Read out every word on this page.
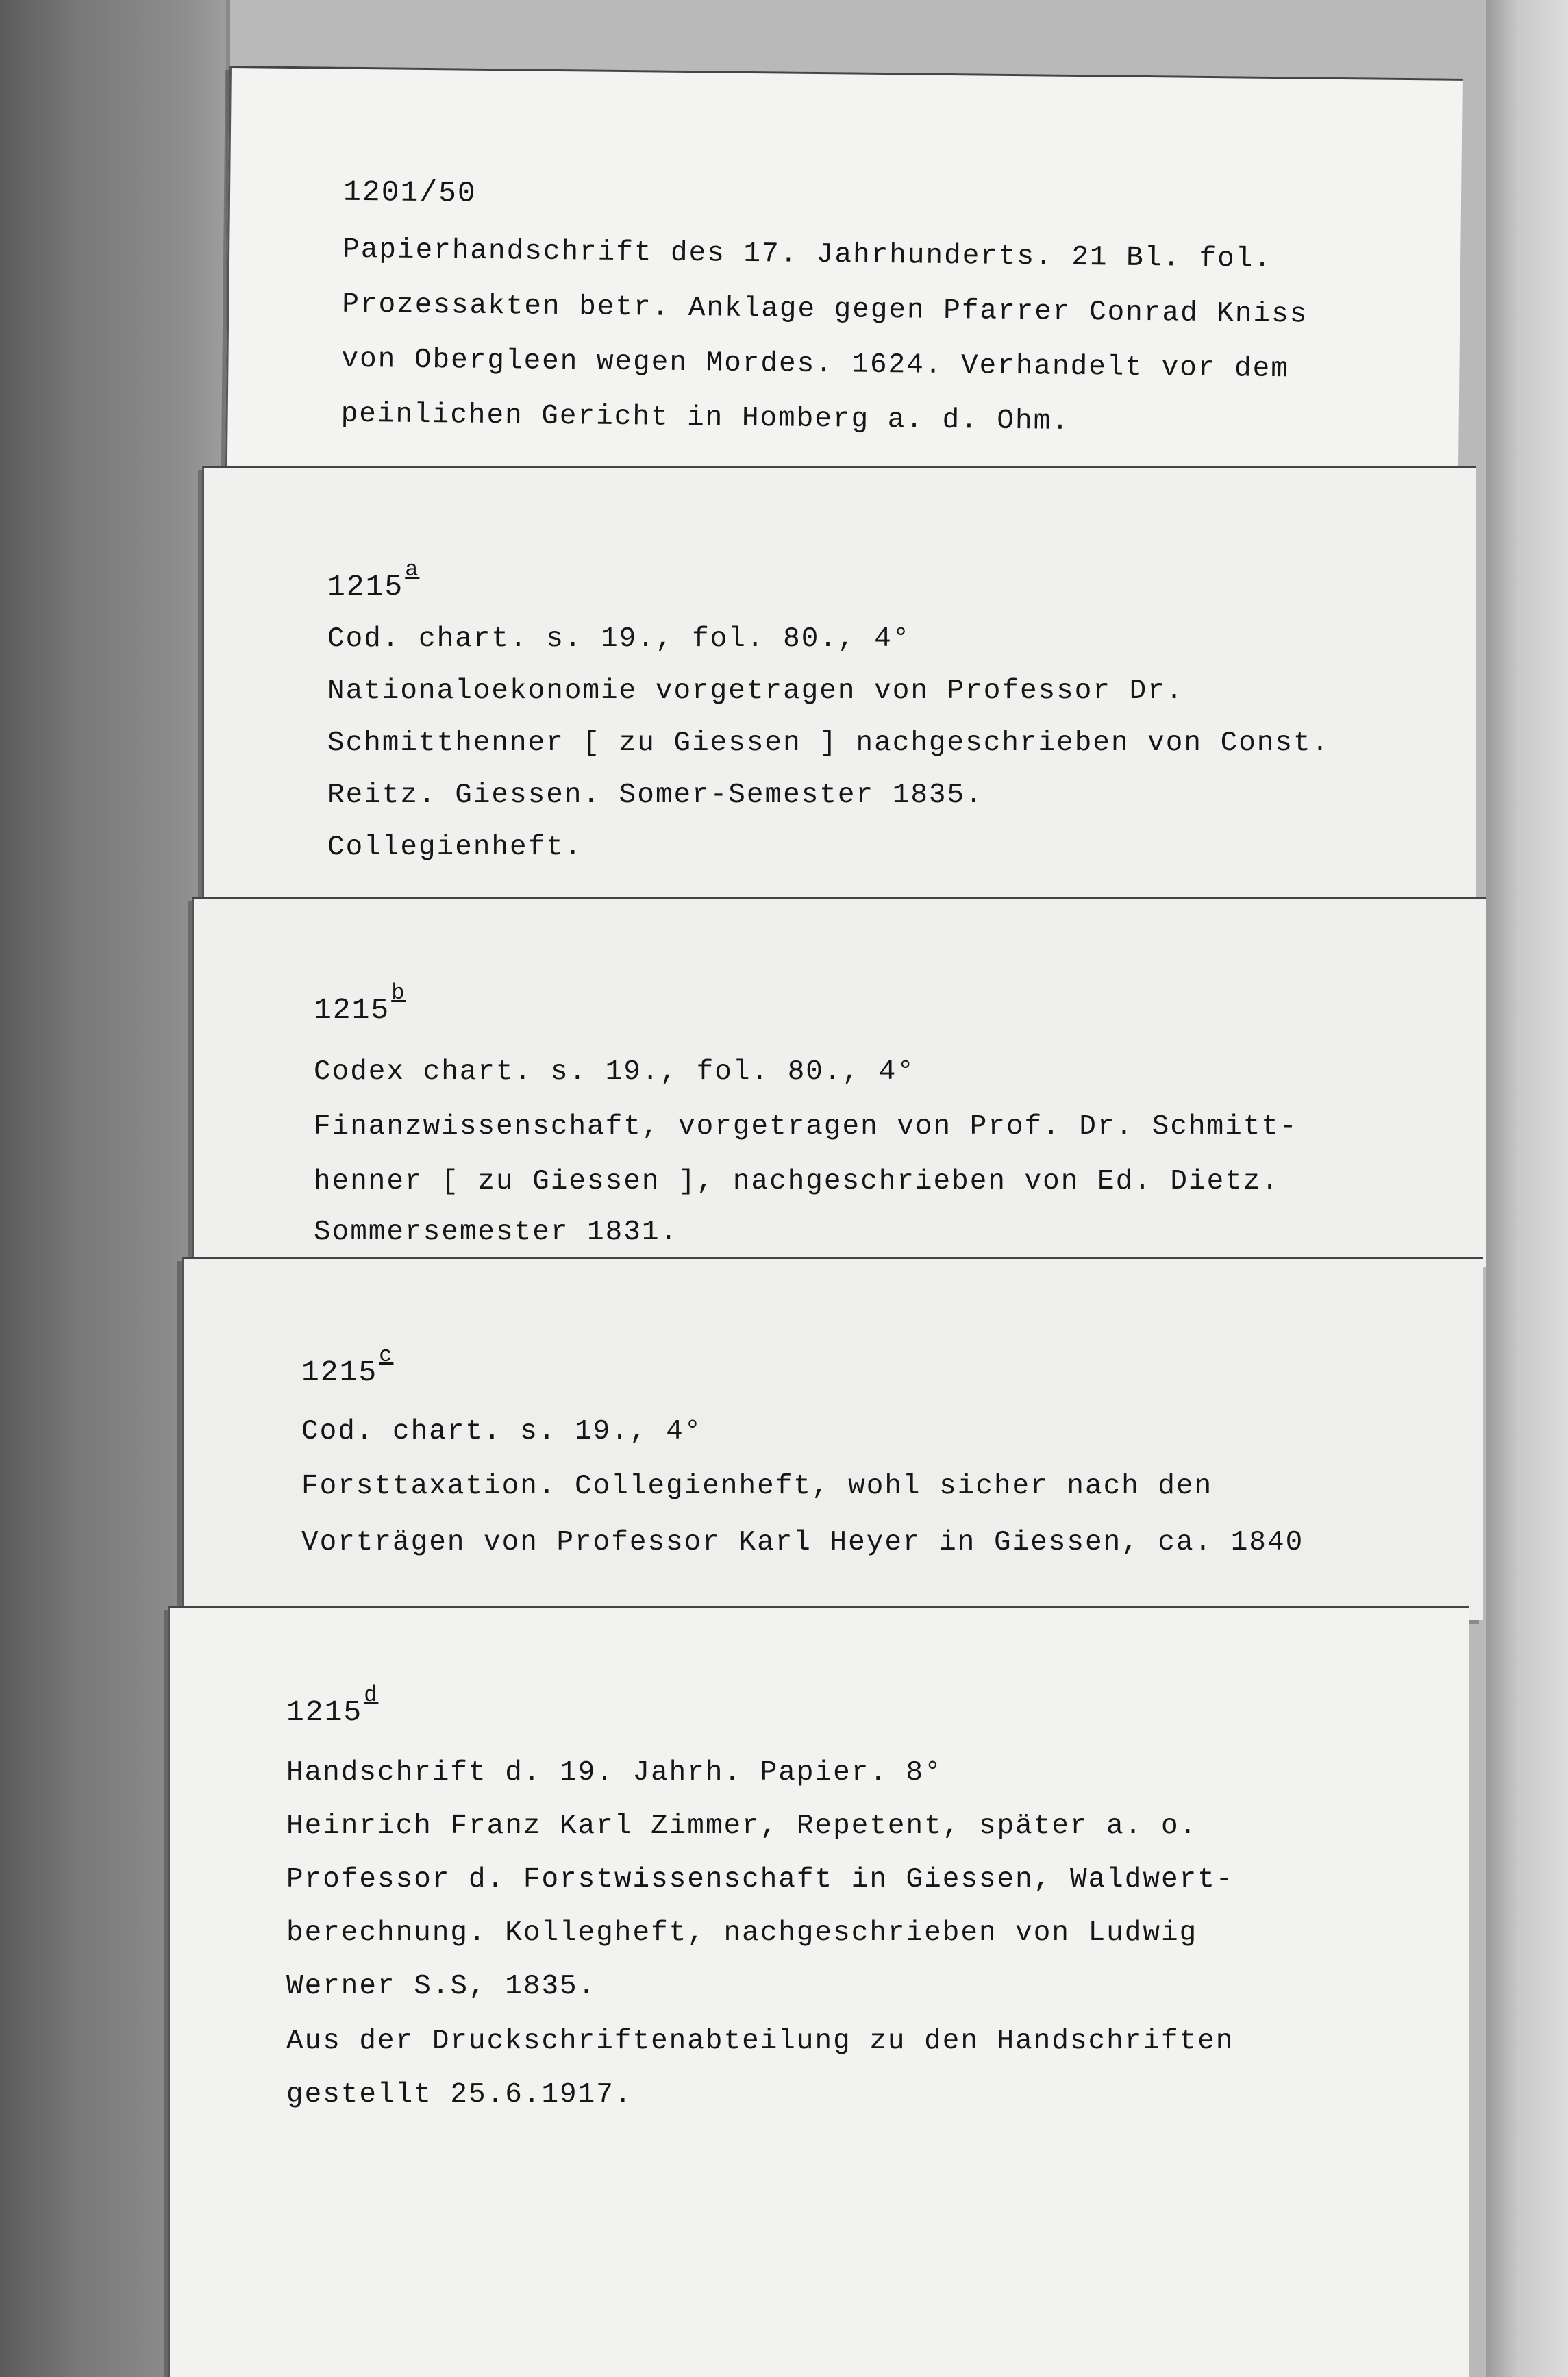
1201/50
Papierhandschrift des 17. Jahrhunderts. 21 Bl. fol.
Prozessakten betr. Anklage gegen Pfarrer Conrad Kniss
von Obergleen wegen Mordes. 1624. Verhandelt vor dem
peinlichen Gericht in Homberg a. d. Ohm.
1215$^a$
Cod. chart. s. 19., fol. 80., 4°
Nationaloekonomie vorgetragen von Professor Dr.
Schmitthenner [ zu Giessen ] nachgeschrieben von Const.
Reitz. Giessen. Somer-Semester 1835.
Collegienheft.
1215$^b$
Codex chart. s. 19., fol. 80., 4°
Finanzwissenschaft, vorgetragen von Prof. Dr. Schmitt-
henner [ zu Giessen ], nachgeschrieben von Ed. Dietz.
Sommersemester 1831.
1215$^c$
Cod. chart. s. 19., 4°
Forsttaxation. Collegienheft, wohl sicher nach den
Vorträgen von Professor Karl Heyer in Giessen, ca. 1840
1215$^d$
Handschrift d. 19. Jahrh. Papier. 8°
Heinrich Franz Karl Zimmer, Repetent, später a. o.
Professor d. Forstwissenschaft in Giessen, Waldwert-
berechnung. Kollegheft, nachgeschrieben von Ludwig
Werner S.S, 1835.
Aus der Druckschriftenabteilung zu den Handschriften
gestellt 25.6.1917.
